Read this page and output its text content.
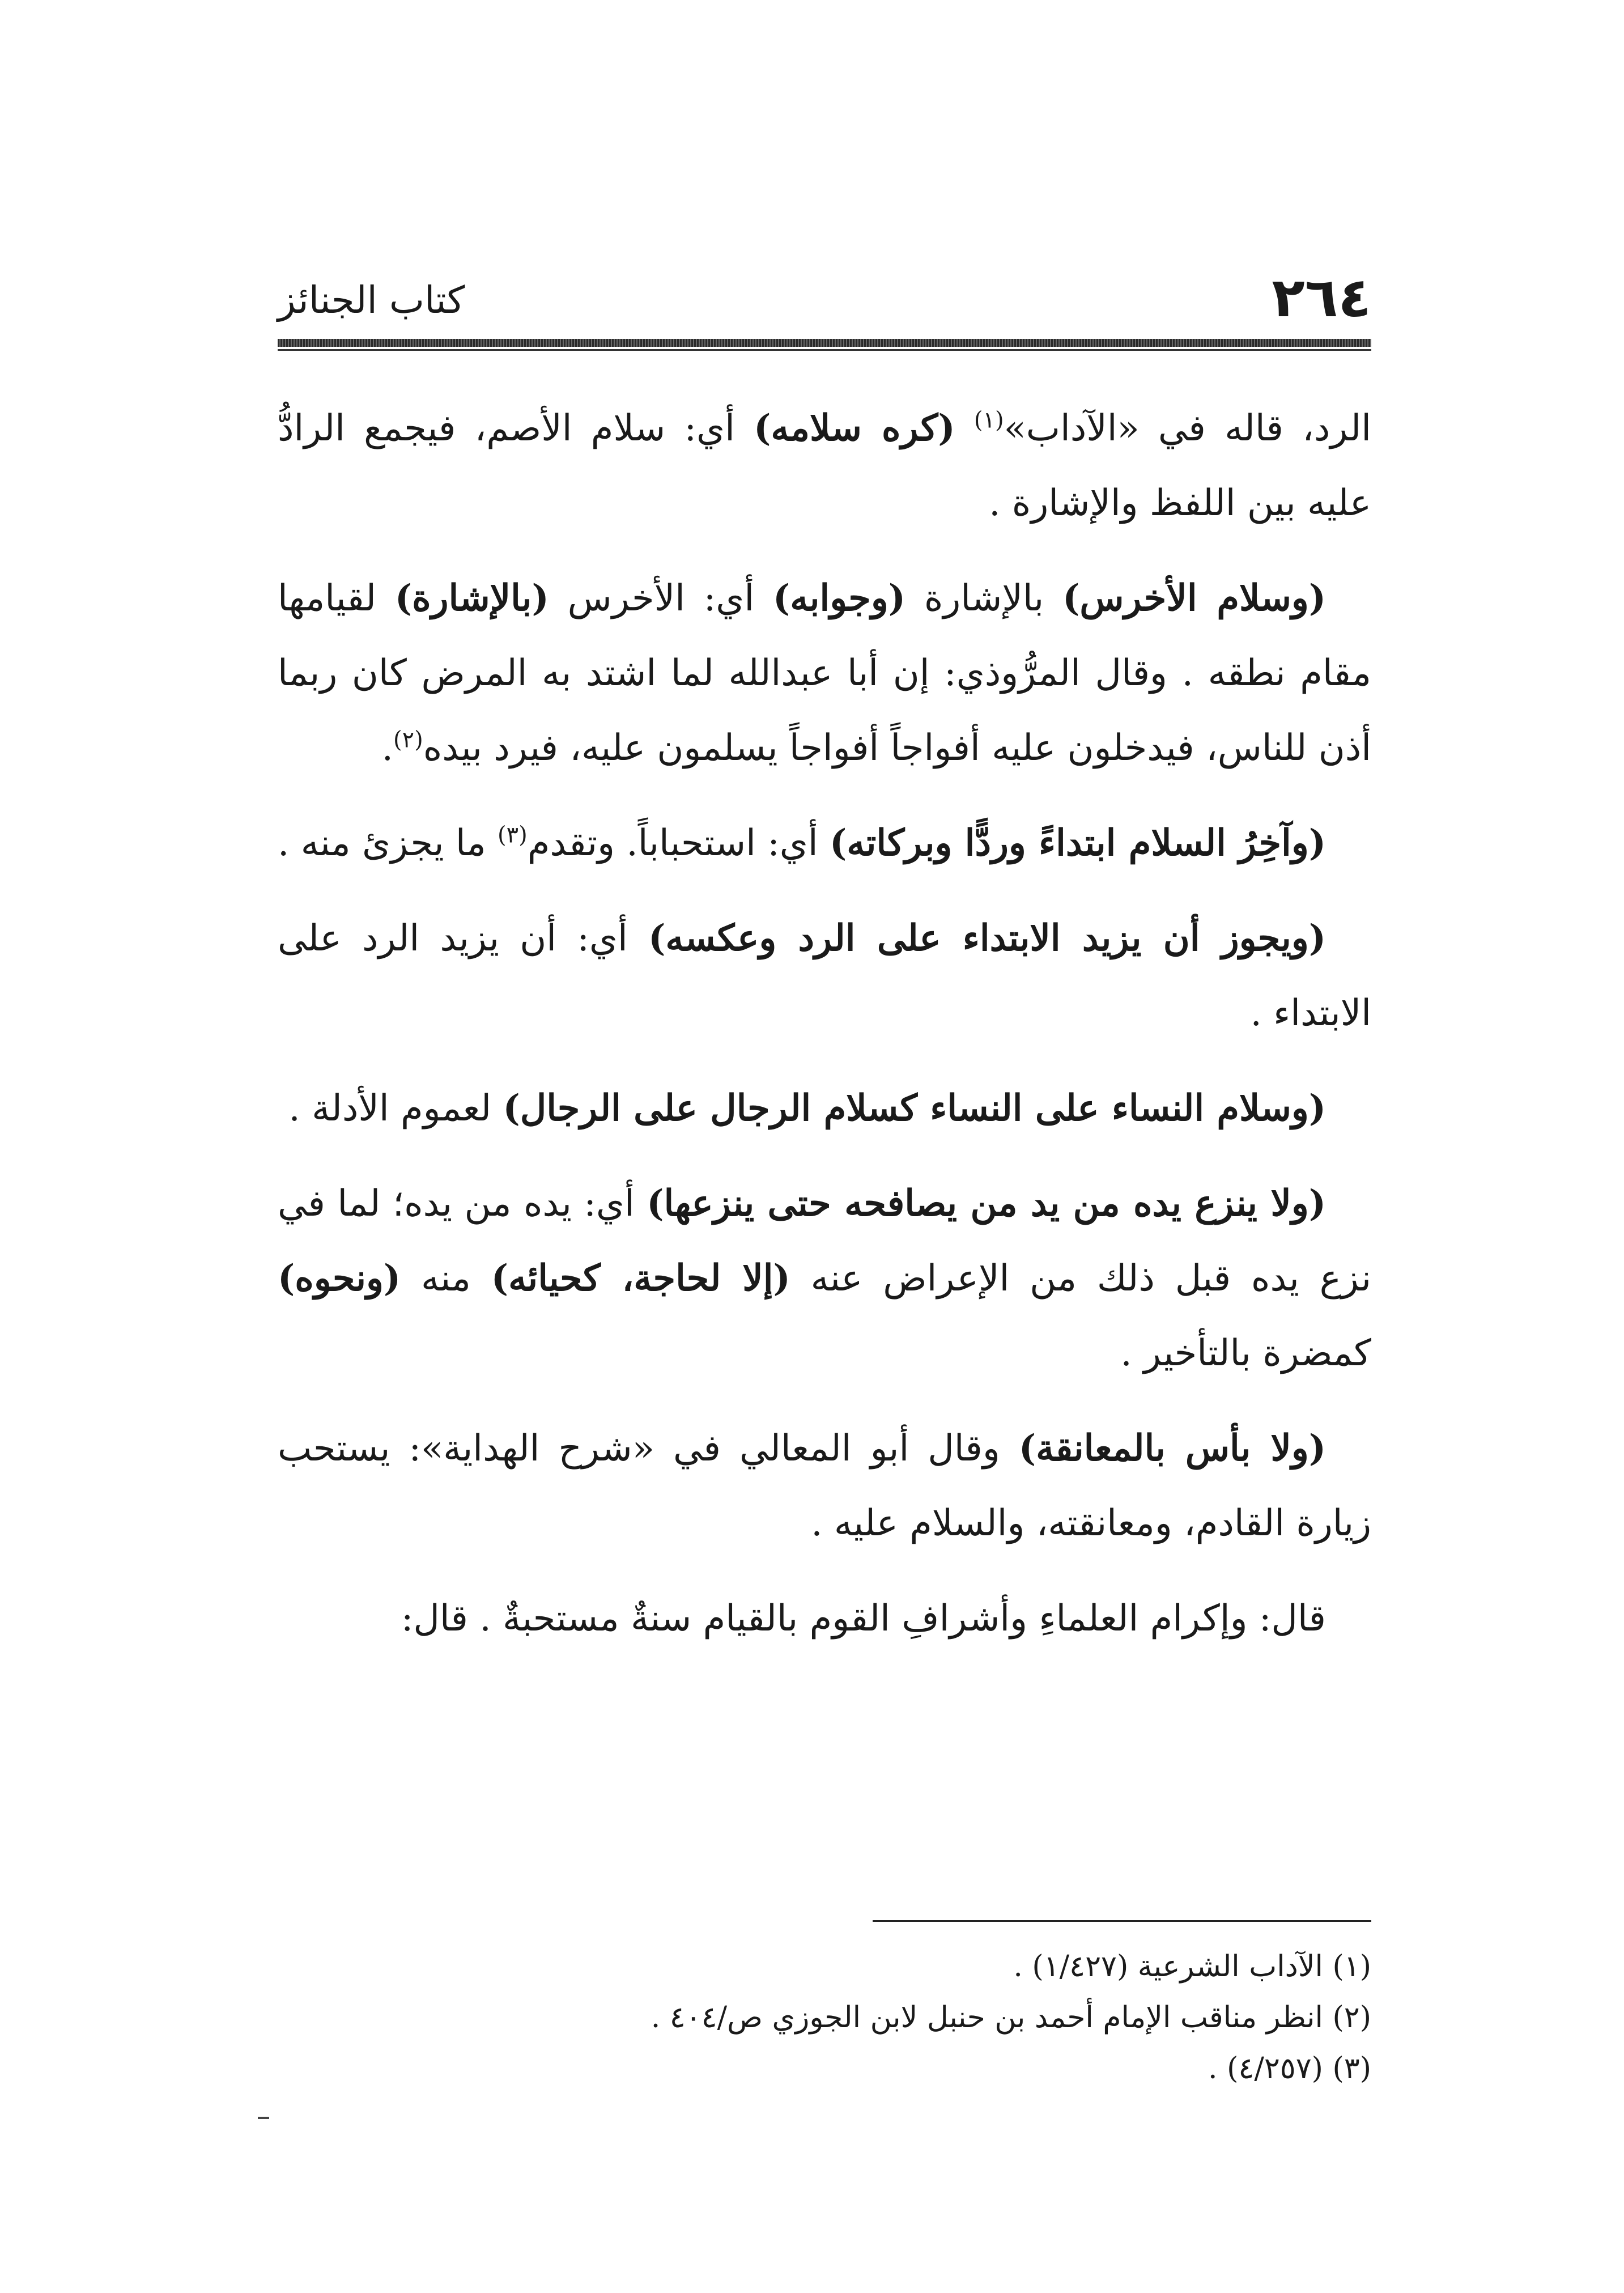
٢٦٤
كتاب الجنائز

الرد، قاله في «الآداب»$^{(١)}$ (كره سلامه) أي: سلام الأصم، فيجمع الرادُّ عليه بين اللفظ والإشارة .

(وسلام الأخرس) بالإشارة (وجوابه) أي: الأخرس (بالإشارة) لقيامها مقام نطقه . وقال المرُّوذي: إن أبا عبدالله لما اشتد به المرض كان ربما أذن للناس، فيدخلون عليه أفواجاً أفواجاً يسلمون عليه، فيرد بيده$^{(٢)}$.

(وآخِرُ السلام ابتداءً وردًّا وبركاته) أي: استحباباً. وتقدم$^{(٣)}$ ما يجزئ منه .

(ويجوز أن يزيد الابتداء على الرد وعكسه) أي: أن يزيد الرد على الابتداء .

(وسلام النساء على النساء كسلام الرجال على الرجال) لعموم الأدلة .

(ولا ينزع يده من يد من يصافحه حتى ينزعها) أي: يده من يده؛ لما في نزع يده قبل ذلك من الإعراض عنه (إلا لحاجة، كحيائه) منه (ونحوه) كمضرة بالتأخير .

(ولا بأس بالمعانقة) وقال أبو المعالي في «شرح الهداية»: يستحب زيارة القادم، ومعانقته، والسلام عليه .

قال: وإكرام العلماءِ وأشرافِ القوم بالقيام سنةٌ مستحبةٌ . قال:

(١) الآداب الشرعية (١/٤٢٧) .

(٢) انظر مناقب الإمام أحمد بن حنبل لابن الجوزي ص/٤٠٤ .

(٣) (٤/٢٥٧) .
